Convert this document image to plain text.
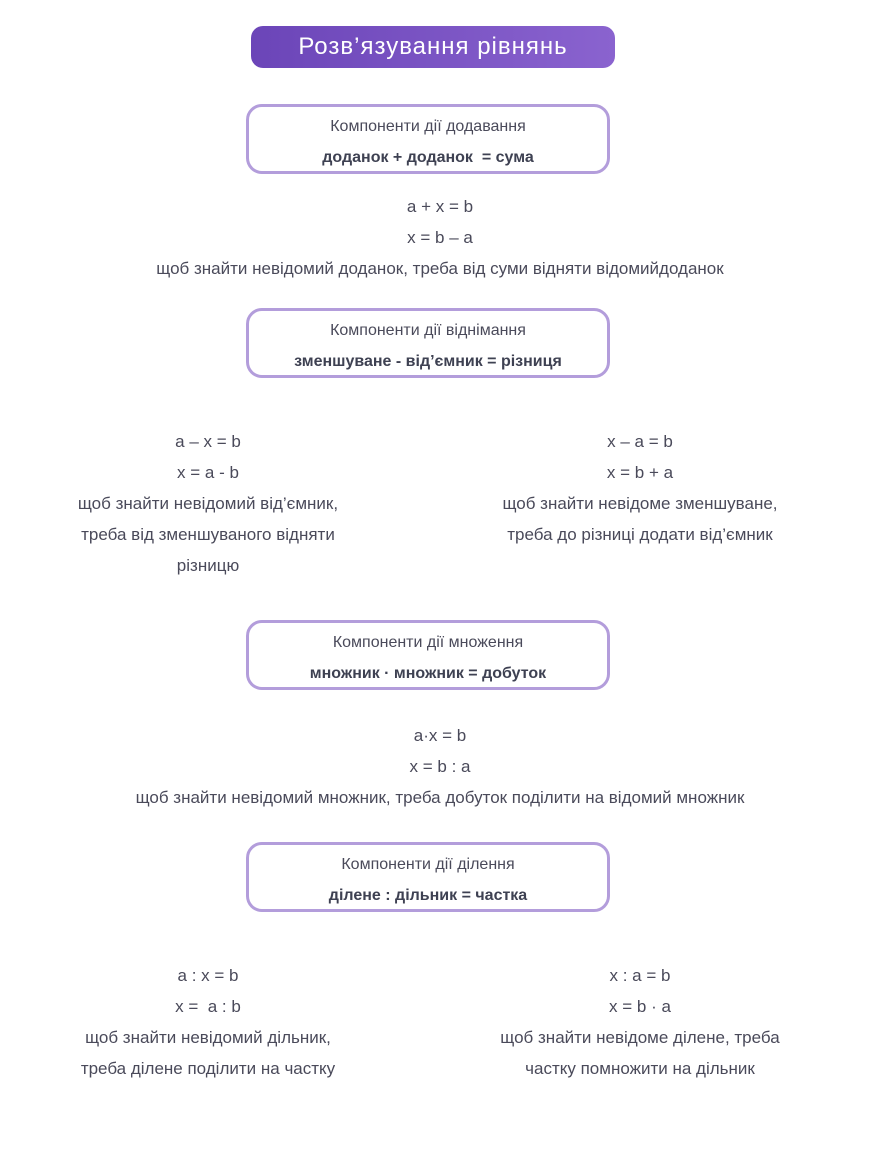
Розв’язування рівнянь
Компоненти дії додавання
доданок + доданок  = сума
a + x = b
x = b – a
щоб знайти невідомий доданок, треба від суми відняти відомийдоданок
Компоненти дії віднімання
зменшуване - від’ємник = різниця
a – x = b
x = a - b
щоб знайти невідомий від’ємник,
треба від зменшуваного відняти
різницю
x – a = b
x = b + a
щоб знайти невідоме зменшуване,
треба до різниці додати від’ємник
Компоненти дії множення
множник · множник = добуток
a·x = b
x = b : a
щоб знайти невідомий множник, треба добуток поділити на відомий множник
Компоненти дії ділення
ділене : дільник = частка
a : x = b
x =  a : b
щоб знайти невідомий дільник,
треба ділене поділити на частку
x : a = b
x = b · a
щоб знайти невідоме ділене, треба
частку помножити на дільник
